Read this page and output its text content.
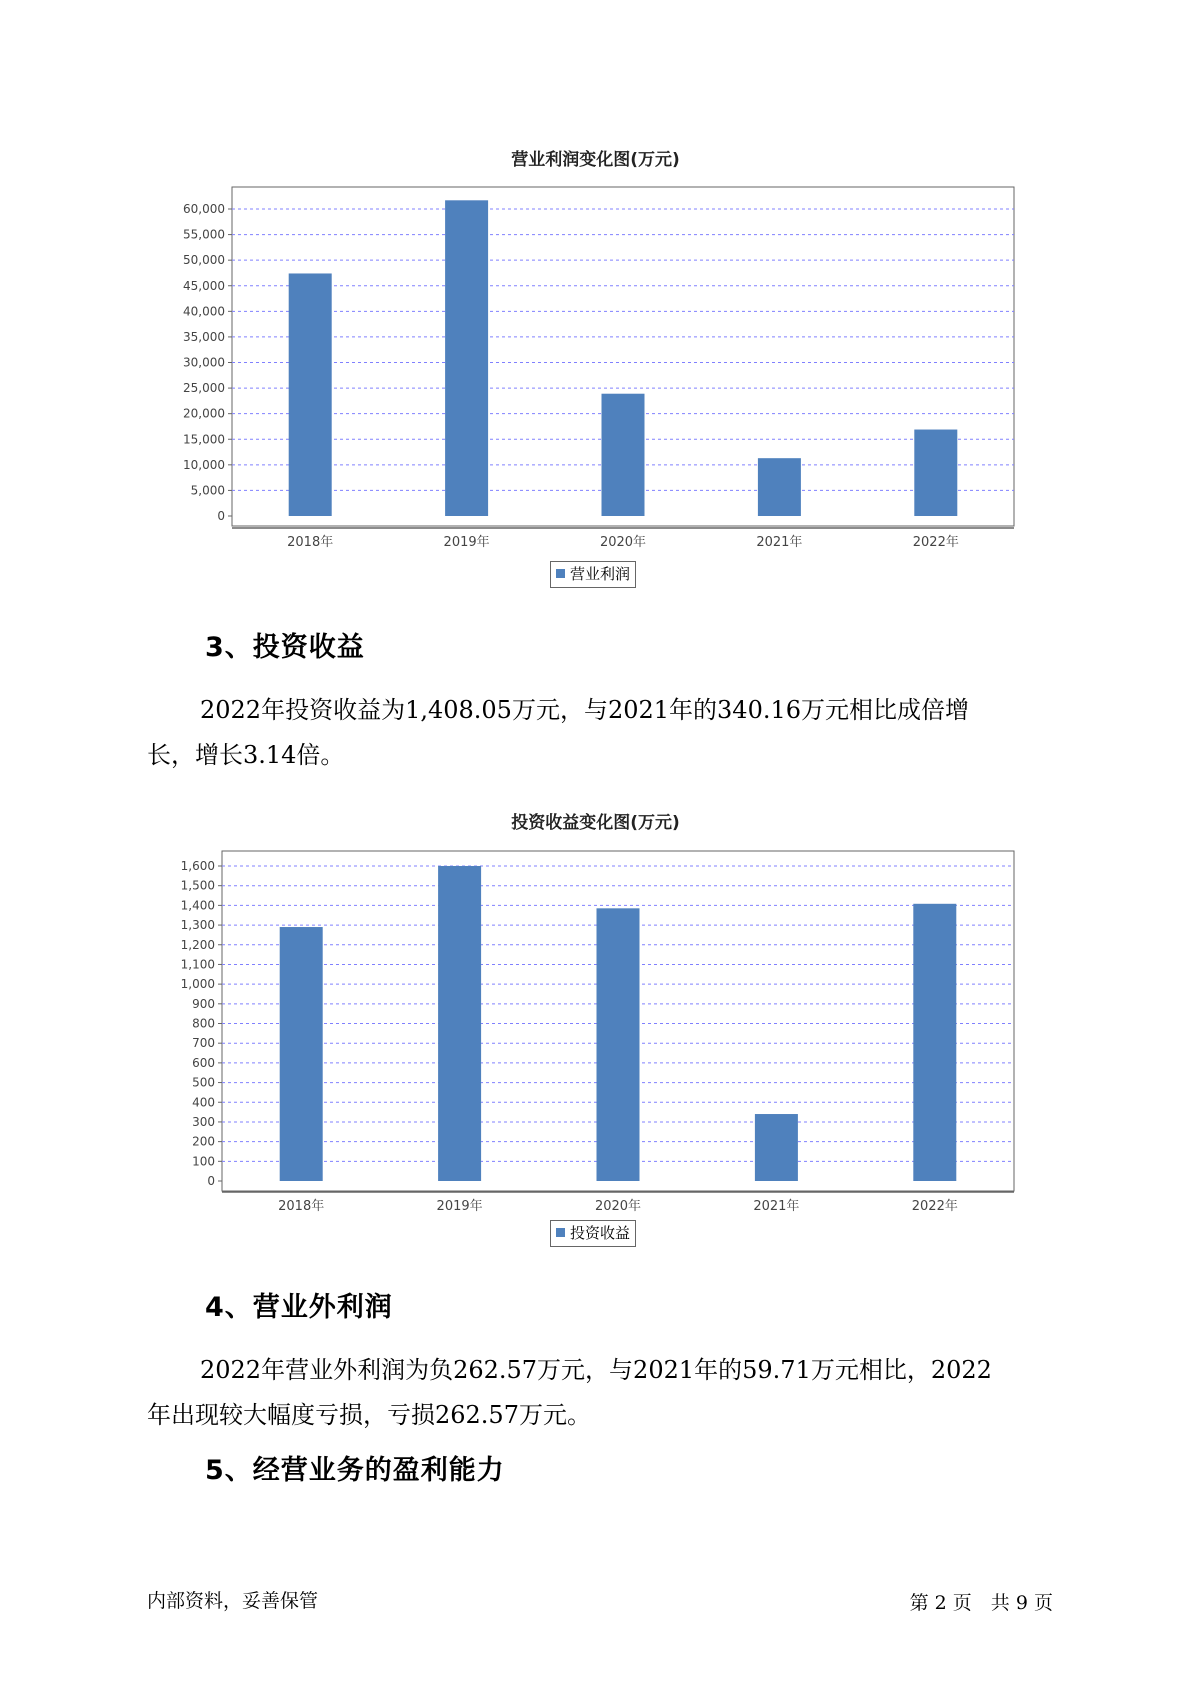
营业利润变化图(万元)
0
5,000
10,000
15,000
20,000
25,000
30,000
35,000
40,000
45,000
50,000
55,000
60,000
2018年	2019年	2020年	2021年	2022年
营业利润
3、投资收益
2022年投资收益为1,408.05万元，与2021年的340.16万元相比成倍增
长，增长3.14倍。
投资收益变化图(万元)
0
100
200
300
400
500
600
700
800
900
1,000
1,100
1,200
1,300
1,400
1,500
1,600
2018年	2019年	2020年	2021年	2022年
投资收益
4、营业外利润
2022年营业外利润为负262.57万元，与2021年的59.71万元相比，2022
年出现较大幅度亏损，亏损262.57万元。
5、经营业务的盈利能力
内部资料，妥善保管	第 2 页　共 9 页
